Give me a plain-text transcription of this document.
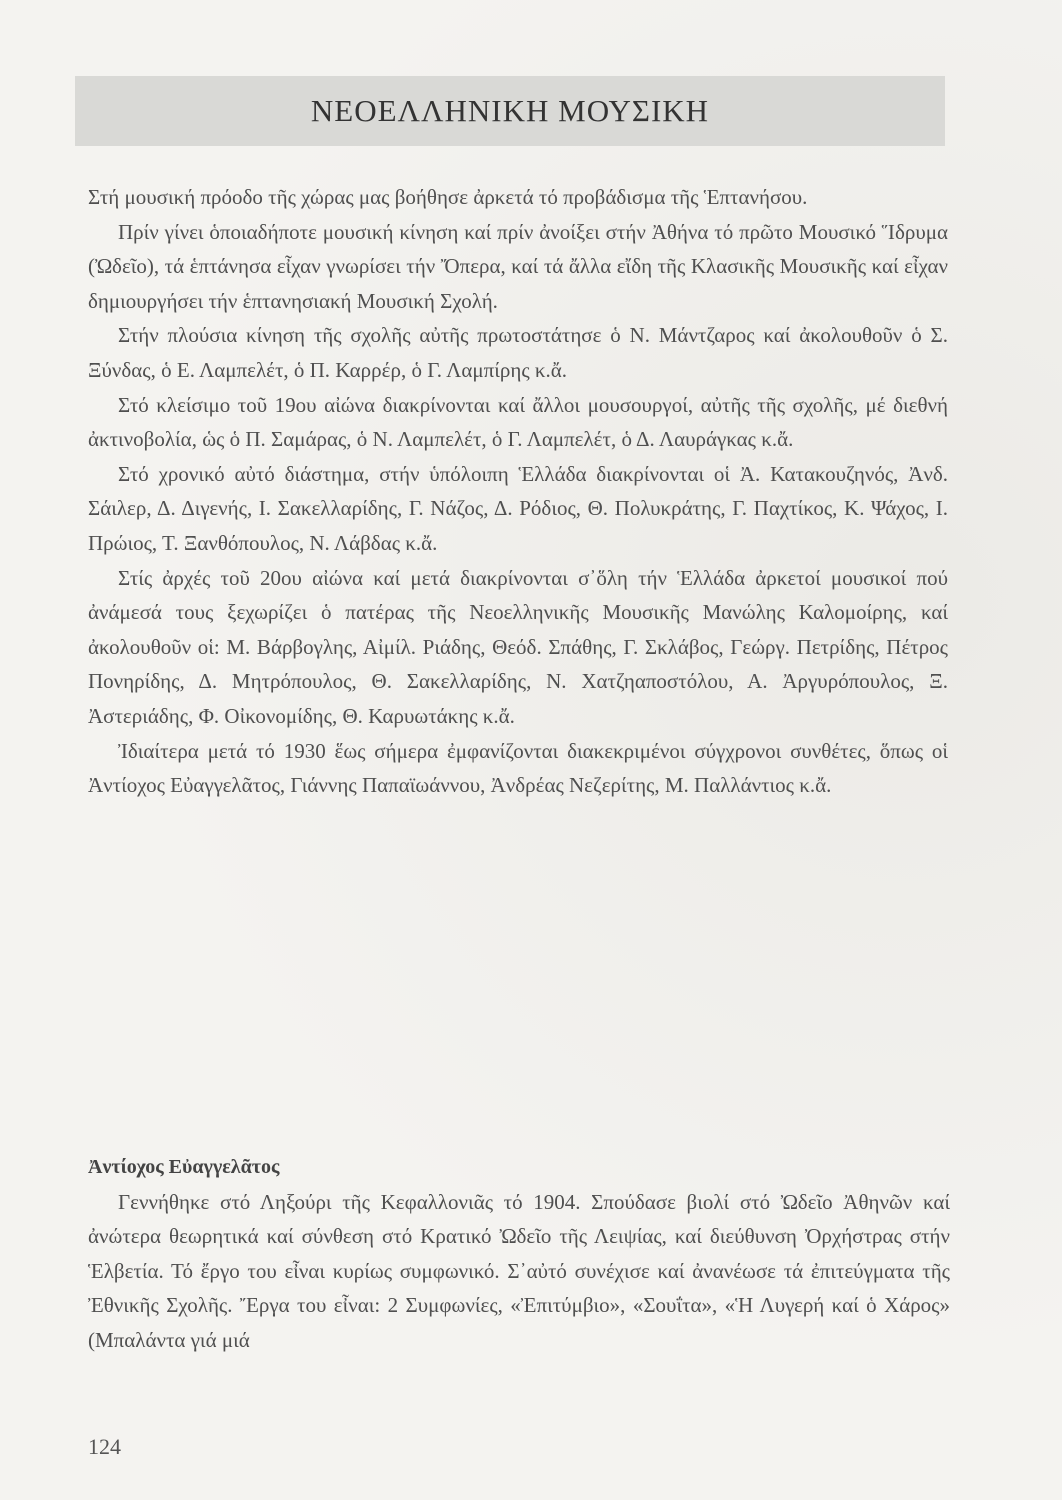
ΝΕΟΕΛΛΗΝΙΚΗ ΜΟΥΣΙΚΗ

Στή μουσική πρόοδο τῆς χώρας μας βοήθησε ἀρκετά τό προβάδισμα τῆς Ἑπτανήσου.

Πρίν γίνει ὁποιαδήποτε μουσική κίνηση καί πρίν ἀνοίξει στήν Ἀθήνα τό πρῶτο Μουσικό Ἵδρυμα (Ὠδεῖο), τά ἑπτάνησα εἶχαν γνωρίσει τήν Ὄπερα, καί τά ἄλλα εἴδη τῆς Κλασικῆς Μουσικῆς καί εἶχαν δημιουργήσει τήν ἑπτανησιακή Μουσική Σχολή.

Στήν πλούσια κίνηση τῆς σχολῆς αὐτῆς πρωτοστάτησε ὁ Ν. Μάντζαρος καί ἀκολουθοῦν ὁ Σ. Ξύνδας, ὁ Ε. Λαμπελέτ, ὁ Π. Καρρέρ, ὁ Γ. Λαμπίρης κ.ἄ.

Στό κλείσιμο τοῦ 19ου αἰώνα διακρίνονται καί ἄλλοι μουσουργοί, αὐτῆς τῆς σχολῆς, μέ διεθνή ἀκτινοβολία, ὡς ὁ Π. Σαμάρας, ὁ Ν. Λαμπελέτ, ὁ Γ. Λαμπελέτ, ὁ Δ. Λαυράγκας κ.ἄ.

Στό χρονικό αὐτό διάστημα, στήν ὑπόλοιπη Ἑλλάδα διακρίνονται οἱ Ἀ. Κατακουζηνός, Ἀνδ. Σάιλερ, Δ. Διγενής, Ι. Σακελλαρίδης, Γ. Νάζος, Δ. Ρόδιος, Θ. Πολυκράτης, Γ. Παχτίκος, Κ. Ψάχος, Ι. Πρώιος, Τ. Ξανθόπουλος, Ν. Λάβδας κ.ἄ.

Στίς ἀρχές τοῦ 20ου αἰώνα καί μετά διακρίνονται σ᾽ὅλη τήν Ἑλλάδα ἀρκετοί μουσικοί πού ἀνάμεσά τους ξεχωρίζει ὁ πατέρας τῆς Νεοελληνικῆς Μουσικῆς Μανώλης Καλομοίρης, καί ἀκολουθοῦν οἱ: Μ. Βάρβογλης, Αἰμίλ. Ριάδης, Θεόδ. Σπάθης, Γ. Σκλάβος, Γεώργ. Πετρίδης, Πέτρος Πονηρίδης, Δ. Μητρόπουλος, Θ. Σακελλαρίδης, Ν. Χατζηαποστόλου, Α. Ἀργυρόπουλος, Ξ. Ἀστεριάδης, Φ. Οἰκονομίδης, Θ. Καρυωτάκης κ.ἄ.

Ἰδιαίτερα μετά τό 1930 ἕως σήμερα ἐμφανίζονται διακεκριμένοι σύγχρονοι συνθέτες, ὅπως οἱ Ἀντίοχος Εὐαγγελᾶτος, Γιάννης Παπαϊωάννου, Ἀνδρέας Νεζερίτης, Μ. Παλλάντιος κ.ἄ.

Ἀντίοχος Εὐαγγελᾶτος

Γεννήθηκε στό Ληξούρι τῆς Κεφαλλονιᾶς τό 1904. Σπούδασε βιολί στό Ὠδεῖο Ἀθηνῶν καί ἀνώτερα θεωρητικά καί σύνθεση στό Κρατικό Ὠδεῖο τῆς Λειψίας, καί διεύθυνση Ὀρχήστρας στήν Ἑλβετία. Τό ἔργο του εἶναι κυρίως συμφωνικό. Σ᾽αὐτό συνέχισε καί ἀνανέωσε τά ἐπιτεύγματα τῆς Ἐθνικῆς Σχολῆς. Ἔργα του εἶναι: 2 Συμφωνίες, «Ἐπιτύμβιο», «Σουΐτα», «Ἡ Λυγερή καί ὁ Χάρος» (Μπαλάντα γιά μιά

124
